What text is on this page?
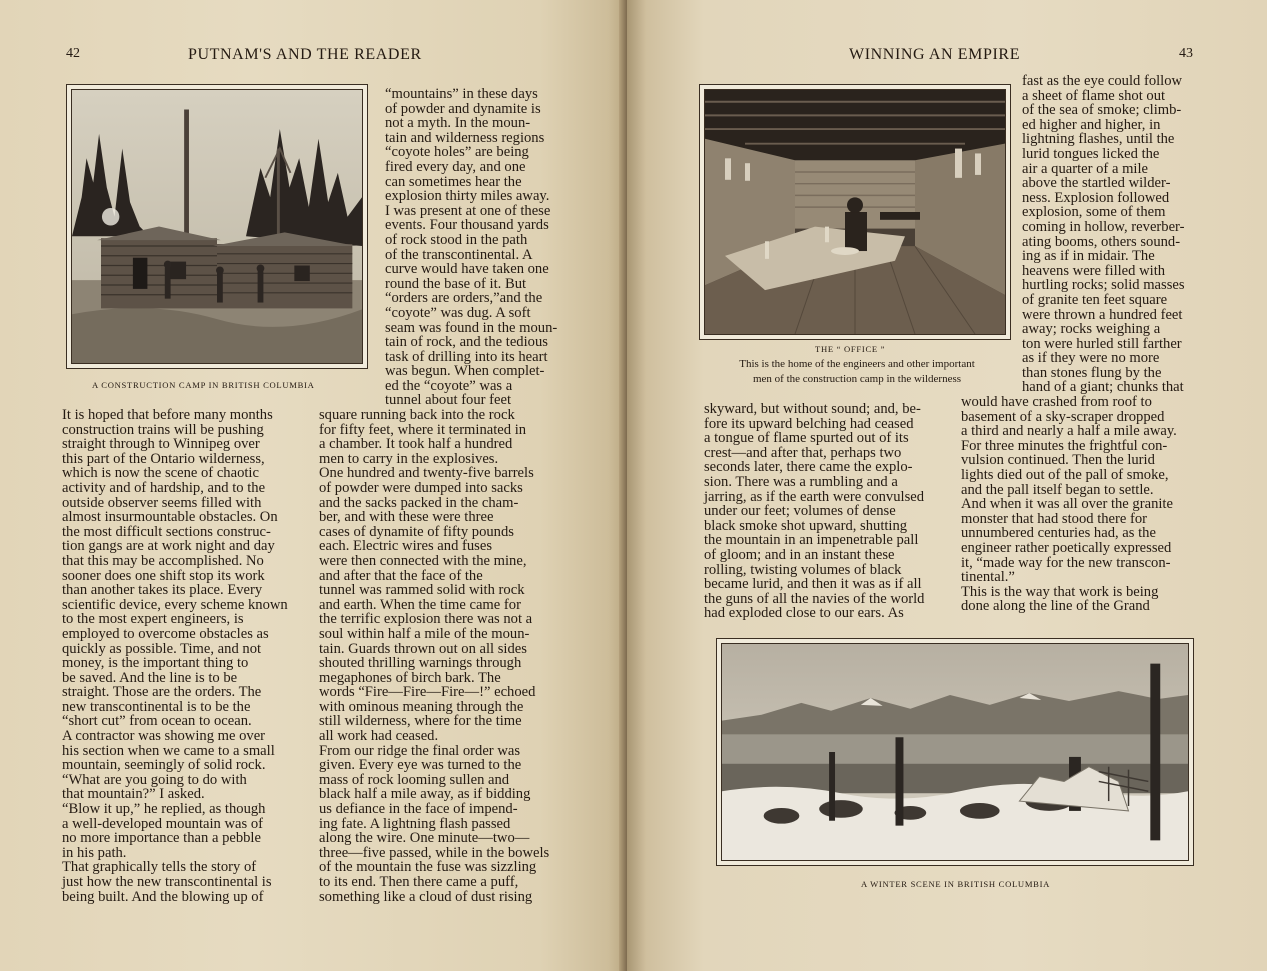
42	PUTNAM'S AND THE READER
A CONSTRUCTION CAMP IN BRITISH COLUMBIA
“mountains” in these days
of powder and dynamite is
not a myth. In the moun-
tain and wilderness regions
“coyote holes” are being
fired every day, and one
can sometimes hear the
explosion thirty miles away.
I was present at one of these
events. Four thousand yards
of rock stood in the path
of the transcontinental. A
curve would have taken one
round the base of it. But
“orders are orders,”and the
“coyote” was dug. A soft
seam was found in the moun-
tain of rock, and the tedious
task of drilling into its heart
was begun. When complet-
ed the “coyote” was a
tunnel about four feet
It is hoped that before many months
construction trains will be pushing
straight through to Winnipeg over
this part of the Ontario wilderness,
which is now the scene of chaotic
activity and of hardship, and to the
outside observer seems filled with
almost insurmountable obstacles. On
the most difficult sections construc-
tion gangs are at work night and day
that this may be accomplished. No
sooner does one shift stop its work
than another takes its place. Every
scientific device, every scheme known
to the most expert engineers, is
employed to overcome obstacles as
quickly as possible. Time, and not
money, is the important thing to
be saved. And the line is to be
straight. Those are the orders. The
new transcontinental is to be the
“short cut” from ocean to ocean.
A contractor was showing me over
his section when we came to a small
mountain, seemingly of solid rock.
“What are you going to do with
that mountain?” I asked.
“Blow it up,” he replied, as though
a well-developed mountain was of
no more importance than a pebble
in his path.
That graphically tells the story of
just how the new transcontinental is
being built. And the blowing up of
square running back into the rock
for fifty feet, where it terminated in
a chamber. It took half a hundred
men to carry in the explosives.
One hundred and twenty-five barrels
of powder were dumped into sacks
and the sacks packed in the cham-
ber, and with these were three
cases of dynamite of fifty pounds
each. Electric wires and fuses
were then connected with the mine,
and after that the face of the
tunnel was rammed solid with rock
and earth. When the time came for
the terrific explosion there was not a
soul within half a mile of the moun-
tain. Guards thrown out on all sides
shouted thrilling warnings through
megaphones of birch bark. The
words “Fire—Fire—Fire—!” echoed
with ominous meaning through the
still wilderness, where for the time
all work had ceased.
From our ridge the final order was
given. Every eye was turned to the
mass of rock looming sullen and
black half a mile away, as if bidding
us defiance in the face of impend-
ing fate. A lightning flash passed
along the wire. One minute—two—
three—five passed, while in the bowels
of the mountain the fuse was sizzling
to its end. Then there came a puff,
something like a cloud of dust rising
WINNING AN EMPIRE	43
THE “ OFFICE ”
This is the home of the engineers and other important
men of the construction camp in the wilderness
fast as the eye could follow
a sheet of flame shot out
of the sea of smoke; climb-
ed higher and higher, in
lightning flashes, until the
lurid tongues licked the
air a quarter of a mile
above the startled wilder-
ness. Explosion followed
explosion, some of them
coming in hollow, reverber-
ating booms, others sound-
ing as if in midair. The
heavens were filled with
hurtling rocks; solid masses
of granite ten feet square
were thrown a hundred feet
away; rocks weighing a
ton were hurled still farther
as if they were no more
than stones flung by the
hand of a giant; chunks that
skyward, but without sound; and, be-
fore its upward belching had ceased
a tongue of flame spurted out of its
crest—and after that, perhaps two
seconds later, there came the explo-
sion. There was a rumbling and a
jarring, as if the earth were convulsed
under our feet; volumes of dense
black smoke shot upward, shutting
the mountain in an impenetrable pall
of gloom; and in an instant these
rolling, twisting volumes of black
became lurid, and then it was as if all
the guns of all the navies of the world
had exploded close to our ears. As
would have crashed from roof to
basement of a sky-scraper dropped
a third and nearly a half a mile away.
For three minutes the frightful con-
vulsion continued. Then the lurid
lights died out of the pall of smoke,
and the pall itself began to settle.
And when it was all over the granite
monster that had stood there for
unnumbered centuries had, as the
engineer rather poetically expressed
it, “made way for the new transcon-
tinental.”
This is the way that work is being
done along the line of the Grand
A WINTER SCENE IN BRITISH COLUMBIA
